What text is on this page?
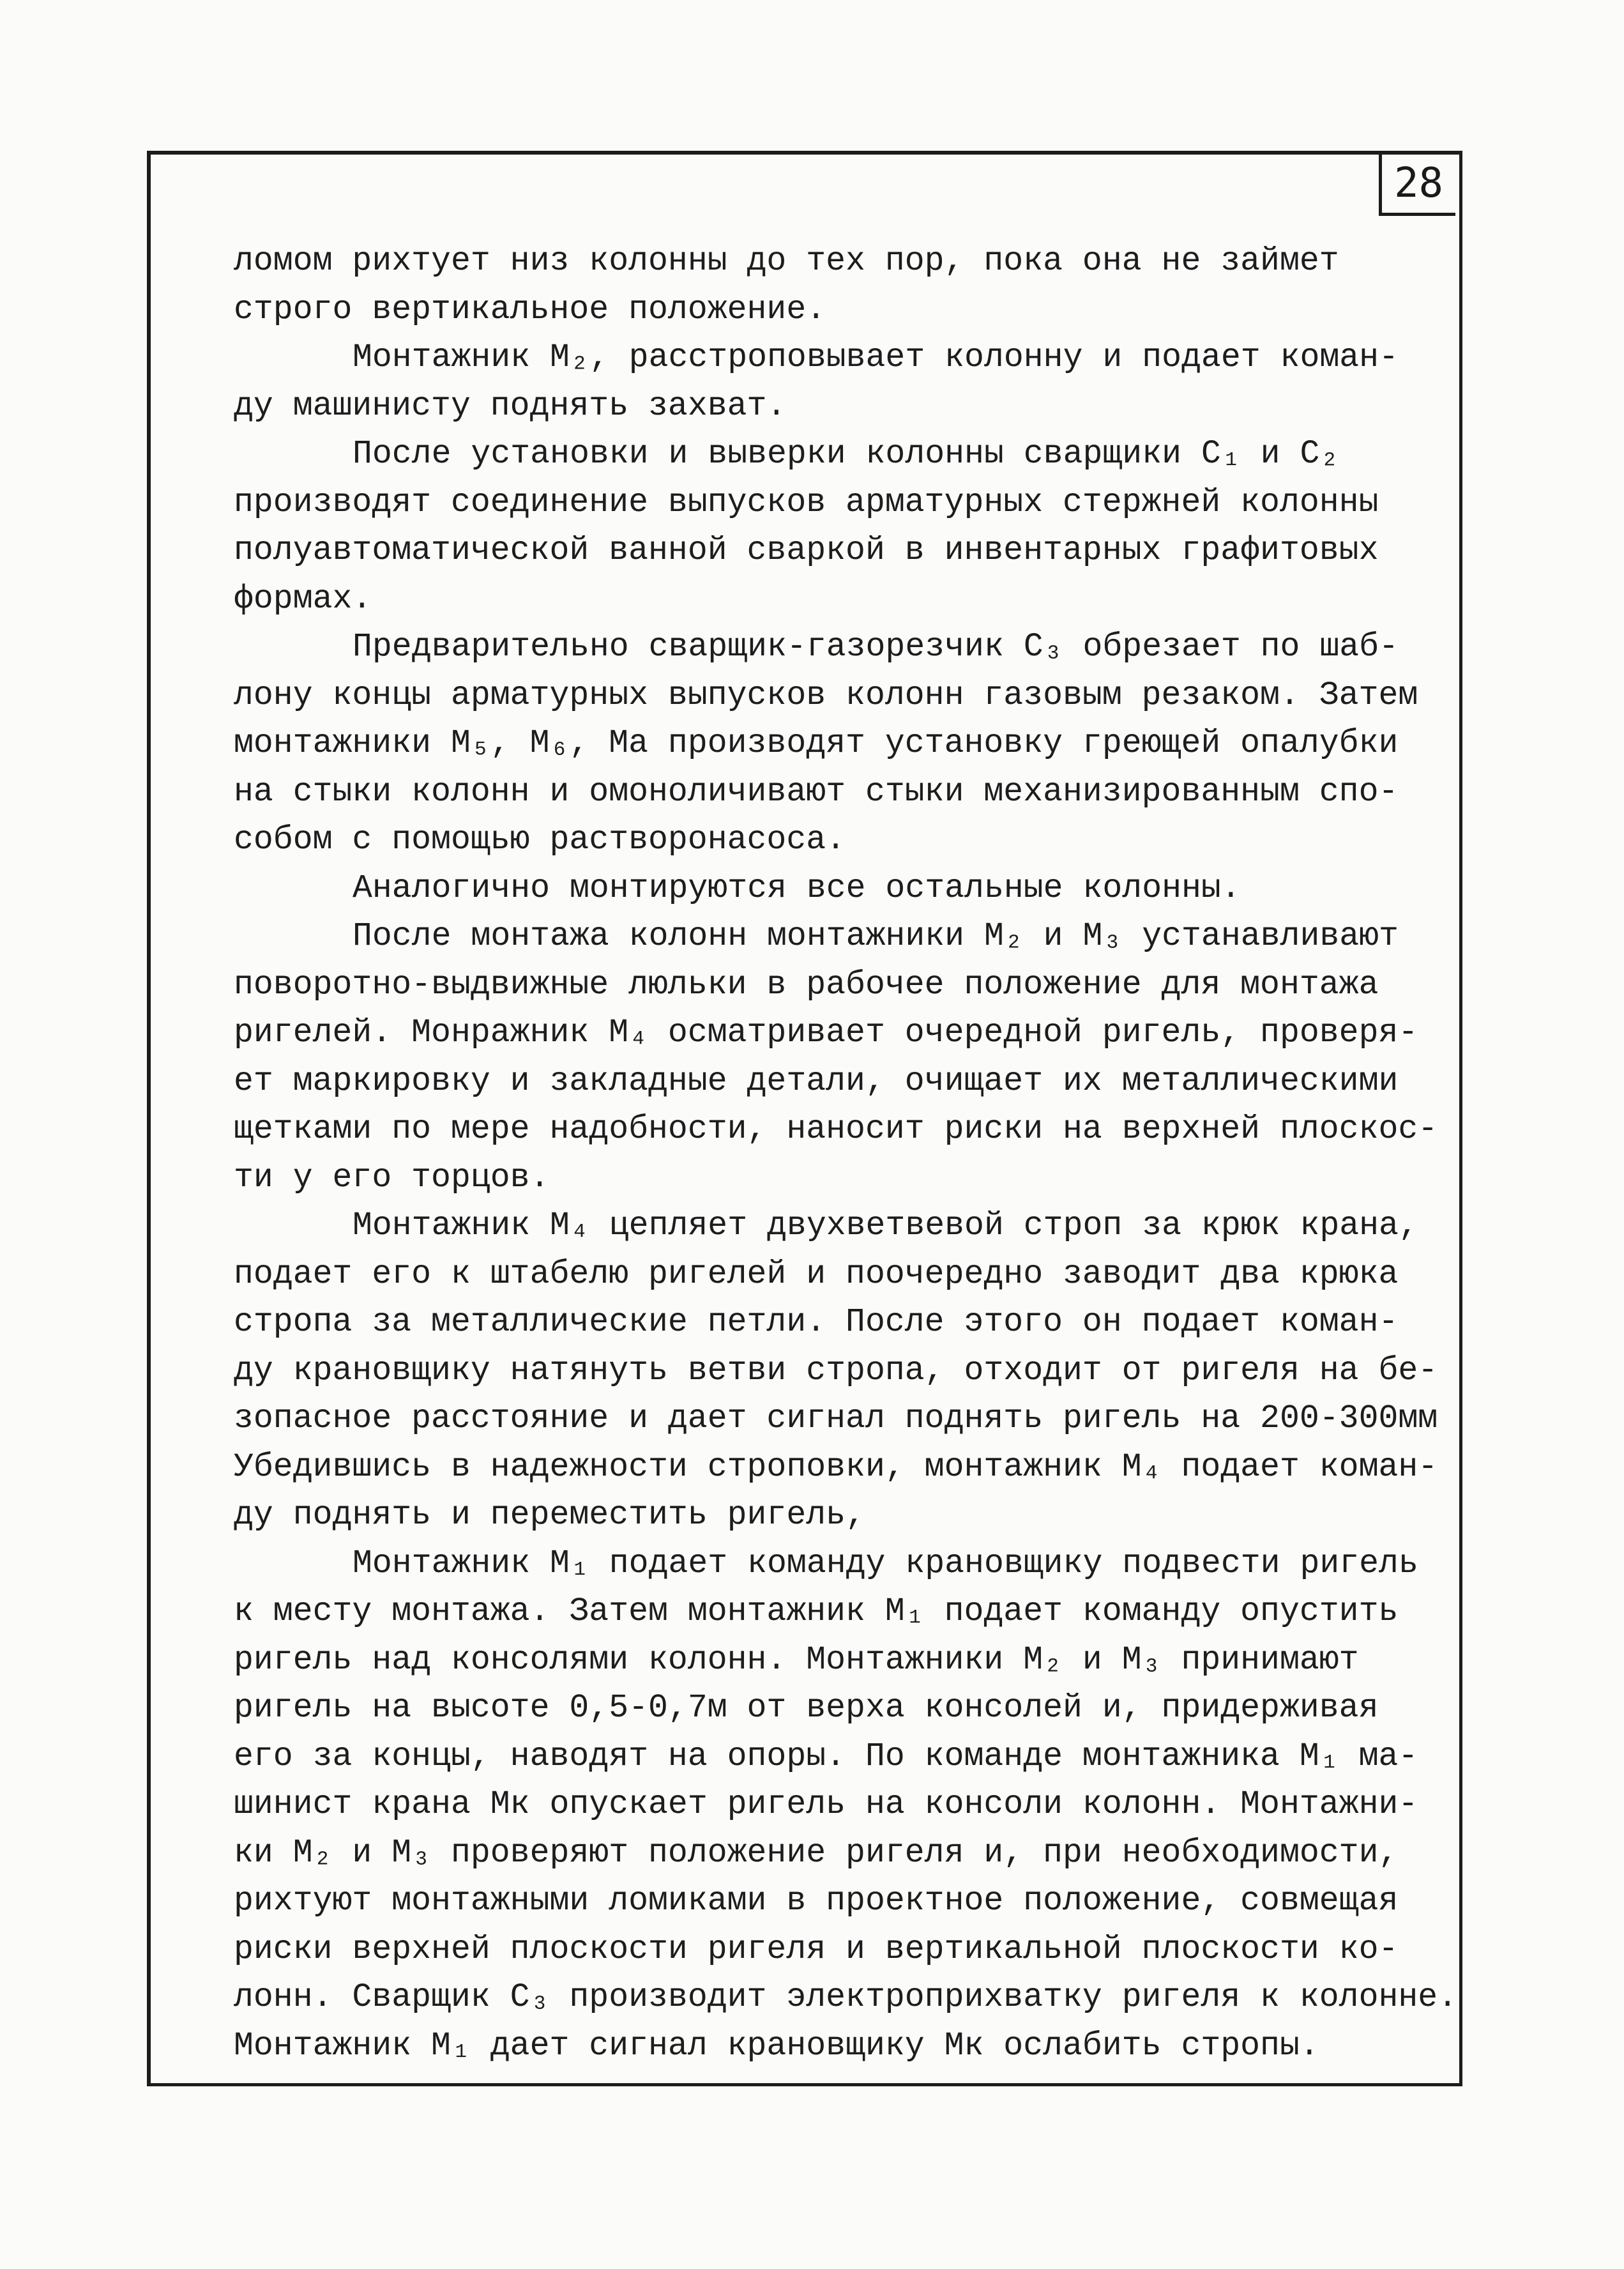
28
ломом рихтует низ колонны до тех пор, пока она не займет
строго вертикальное положение.
Монтажник М₂, расстроповывает колонну и подает коман-
ду машинисту поднять захват.
После установки и выверки колонны сварщики С₁ и С₂
производят соединение выпусков арматурных стержней колонны
полуавтоматической ванной сваркой в инвентарных графитовых
формах.
Предварительно сварщик-газорезчик С₃ обрезает по шаб-
лону концы арматурных выпусков колонн газовым резаком. Затем
монтажники М₅, М₆, Ма производят установку греющей опалубки
на стыки колонн и омоноличивают стыки механизированным спо-
собом с помощью растворонасоса.
Аналогично монтируются все остальные колонны.
После монтажа колонн монтажники М₂ и М₃ устанавливают
поворотно-выдвижные люльки в рабочее положение для монтажа
ригелей. Монражник М₄ осматривает очередной ригель, проверя-
ет маркировку и закладные детали, очищает их металлическими
щетками по мере надобности, наносит риски на верхней плоскос-
ти у его торцов.
Монтажник М₄ цепляет двухветвевой строп за крюк крана,
подает его к штабелю ригелей и поочередно заводит два крюка
стропа за металлические петли. После этого он подает коман-
ду крановщику натянуть ветви стропа, отходит от ригеля на бе-
зопасное расстояние и дает сигнал поднять ригель на 200-300мм
Убедившись в надежности строповки, монтажник М₄ подает коман-
ду поднять и переместить ригель,
Монтажник М₁ подает команду крановщику подвести ригель
к месту монтажа. Затем монтажник М₁ подает команду опустить
ригель над консолями колонн. Монтажники М₂ и М₃ принимают
ригель на высоте 0,5-0,7м от верха консолей и, придерживая
его за концы, наводят на опоры. По команде монтажника М₁ ма-
шинист крана Мк опускает ригель на консоли колонн. Монтажни-
ки М₂ и М₃ проверяют положение ригеля и, при необходимости,
рихтуют монтажными ломиками в проектное положение, совмещая
риски верхней плоскости ригеля и вертикальной плоскости ко-
лонн. Сварщик С₃ производит электроприхватку ригеля к колонне.
Монтажник М₁ дает сигнал крановщику Мк ослабить стропы.
